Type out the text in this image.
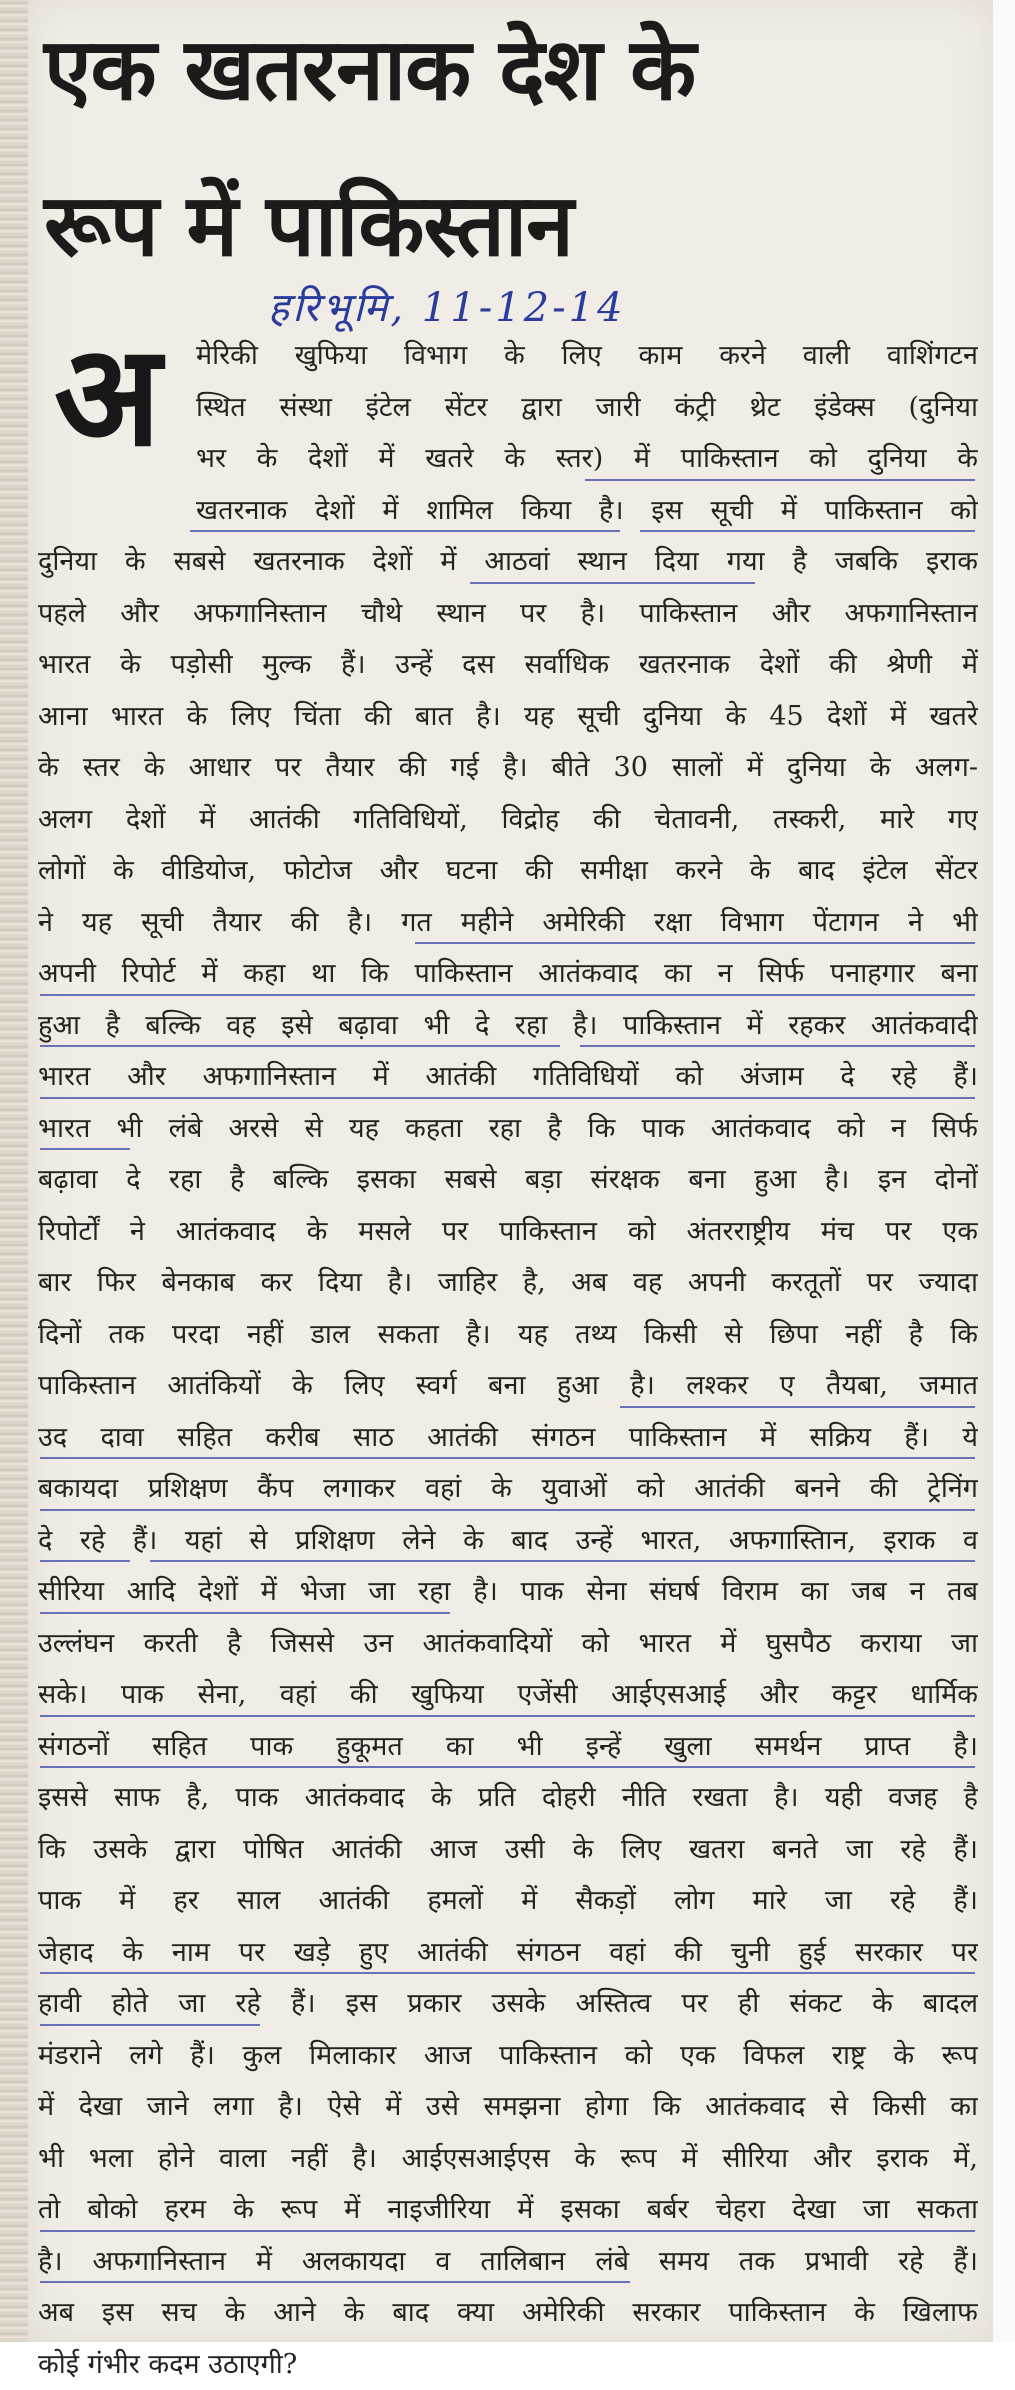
एक खतरनाक देश के
रूप में पाकिस्तान
हरिभूमि, 11-12-14
अ	मेरिकी खुफिया विभाग के लिए काम करने वाली वाशिंगटन
स्थित संस्था इंटेल सेंटर द्वारा जारी कंट्री थ्रेट इंडेक्स (दुनिया
भर के देशों में खतरे के स्तर) में पाकिस्तान को दुनिया के
खतरनाक देशों में शामिल किया है। इस सूची में पाकिस्तान को
दुनिया के सबसे खतरनाक देशों में आठवां स्थान दिया गया है जबकि इराक
पहले और अफगानिस्तान चौथे स्थान पर है। पाकिस्तान और अफगानिस्तान
भारत के पड़ोसी मुल्क हैं। उन्हें दस सर्वाधिक खतरनाक देशों की श्रेणी में
आना भारत के लिए चिंता की बात है। यह सूची दुनिया के 45 देशों में खतरे
के स्तर के आधार पर तैयार की गई है। बीते 30 सालों में दुनिया के अलग-
अलग देशों में आतंकी गतिविधियों, विद्रोह की चेतावनी, तस्करी, मारे गए
लोगों के वीडियोज, फोटोज और घटना की समीक्षा करने के बाद इंटेल सेंटर
ने यह सूची तैयार की है। गत महीने अमेरिकी रक्षा विभाग पेंटागन ने भी
अपनी रिपोर्ट में कहा था कि पाकिस्तान आतंकवाद का न सिर्फ पनाहगार बना
हुआ है बल्कि वह इसे बढ़ावा भी दे रहा है। पाकिस्तान में रहकर आतंकवादी
भारत और अफगानिस्तान में आतंकी गतिविधियों को अंजाम दे रहे हैं।
भारत भी लंबे अरसे से यह कहता रहा है कि पाक आतंकवाद को न सिर्फ
बढ़ावा दे रहा है बल्कि इसका सबसे बड़ा संरक्षक बना हुआ है। इन दोनों
रिपोर्टों ने आतंकवाद के मसले पर पाकिस्तान को अंतरराष्ट्रीय मंच पर एक
बार फिर बेनकाब कर दिया है। जाहिर है, अब वह अपनी करतूतों पर ज्यादा
दिनों तक परदा नहीं डाल सकता है। यह तथ्य किसी से छिपा नहीं है कि
पाकिस्तान आतंकियों के लिए स्वर्ग बना हुआ है। लश्कर ए तैयबा, जमात
उद दावा सहित करीब साठ आतंकी संगठन पाकिस्तान में सक्रिय हैं। ये
बकायदा प्रशिक्षण कैंप लगाकर वहां के युवाओं को आतंकी बनने की ट्रेनिंग
दे रहे हैं। यहां से प्रशिक्षण लेने के बाद उन्हें भारत, अफगास्तिान, इराक व
सीरिया आदि देशों में भेजा जा रहा है। पाक सेना संघर्ष विराम का जब न तब
उल्लंघन करती है जिससे उन आतंकवादियों को भारत में घुसपैठ कराया जा
सके। पाक सेना, वहां की खुफिया एजेंसी आईएसआई और कट्टर धार्मिक
संगठनों सहित पाक हुकूमत का भी इन्हें खुला समर्थन प्राप्त है।
इससे साफ है, पाक आतंकवाद के प्रति दोहरी नीति रखता है। यही वजह है
कि उसके द्वारा पोषित आतंकी आज उसी के लिए खतरा बनते जा रहे हैं।
पाक में हर साल आतंकी हमलों में सैकड़ों लोग मारे जा रहे हैं।
जेहाद के नाम पर खड़े हुए आतंकी संगठन वहां की चुनी हुई सरकार पर
हावी होते जा रहे हैं। इस प्रकार उसके अस्तित्व पर ही संकट के बादल
मंडराने लगे हैं। कुल मिलाकार आज पाकिस्तान को एक विफल राष्ट्र के रूप
में देखा जाने लगा है। ऐसे में उसे समझना होगा कि आतंकवाद से किसी का
भी भला होने वाला नहीं है। आईएसआईएस के रूप में सीरिया और इराक में,
तो बोको हरम के रूप में नाइजीरिया में इसका बर्बर चेहरा देखा जा सकता
है। अफगानिस्तान में अलकायदा व तालिबान लंबे समय तक प्रभावी रहे हैं।
अब इस सच के आने के बाद क्या अमेरिकी सरकार पाकिस्तान के खिलाफ
कोई गंभीर कदम उठाएगी?
